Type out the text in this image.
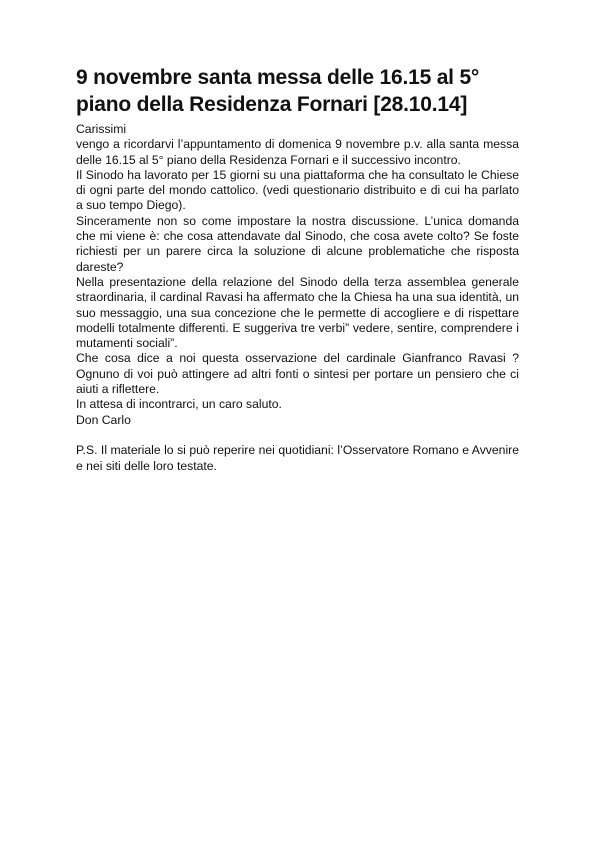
9 novembre santa messa delle 16.15 al 5° piano della Residenza Fornari [28.10.14]

Carissimi

vengo a ricordarvi l’appuntamento di domenica 9 novembre p.v. alla santa messa delle 16.15 al 5° piano della Residenza Fornari e il successivo incontro.

Il Sinodo ha lavorato per 15 giorni su una piattaforma che ha consultato le Chiese di ogni parte del mondo cattolico. (vedi questionario distribuito e di cui ha parlato a suo tempo Diego).

Sinceramente non so come impostare la nostra discussione. L’unica domanda che mi viene è: che cosa attendavate dal Sinodo, che cosa avete colto? Se foste richiesti per un parere circa la soluzione di alcune problematiche che risposta dareste?

Nella presentazione della relazione del Sinodo della terza assemblea generale straordinaria, il cardinal Ravasi ha affermato che la Chiesa ha una sua identità, un suo messaggio, una sua concezione che le permette di accogliere e di rispettare modelli totalmente differenti. E suggeriva tre verbi” vedere, sentire, comprendere i mutamenti sociali”.

Che cosa dice a noi questa osservazione del cardinale Gianfranco Ravasi ? Ognuno di voi può attingere ad altri fonti o sintesi per portare un pensiero che ci aiuti a riflettere.

In attesa di incontrarci, un caro saluto.

Don Carlo

P.S. Il materiale lo si può reperire nei quotidiani: l’Osservatore Romano e Avvenire e nei siti delle loro testate.
